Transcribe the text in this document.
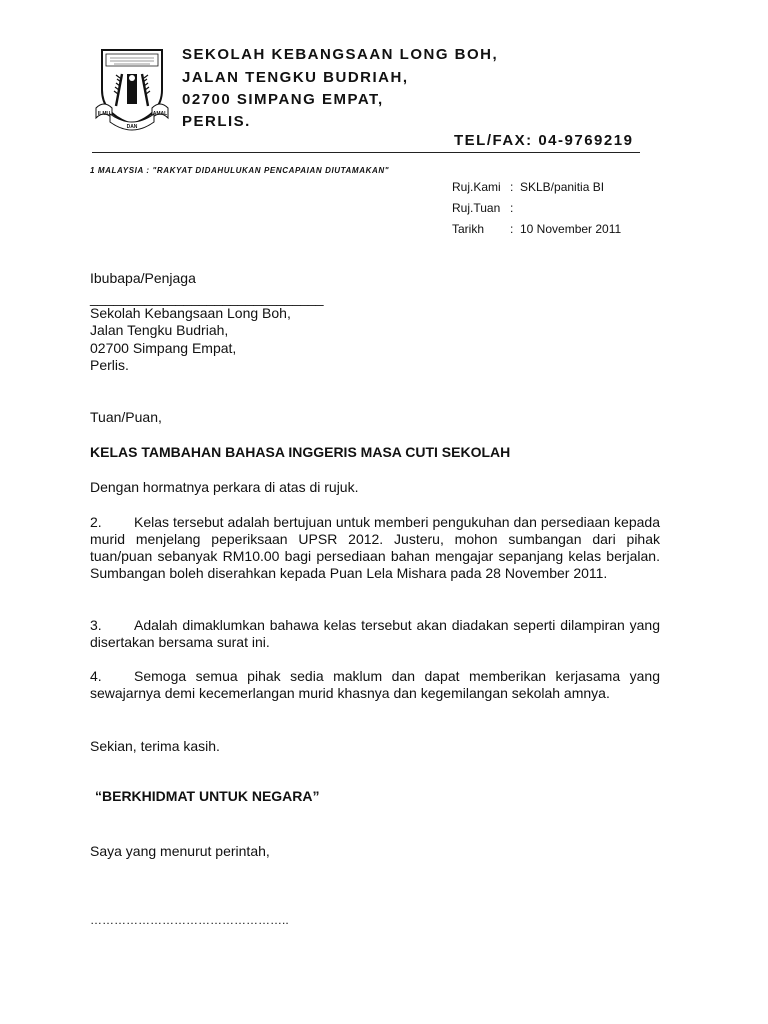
ILMU
DAN
AMAL
SEKOLAH KEBANGSAAN LONG BOH,
JALAN TENGKU BUDRIAH,
02700 SIMPANG EMPAT,
PERLIS.
TEL/FAX: 04-9769219
1 MALAYSIA : "RAKYAT DIDAHULUKAN PENCAPAIAN DIUTAMAKAN"
Ruj.Kami : SKLB/panitia BI
Ruj.Tuan :
Tarikh : 10 November 2011
Ibubapa/Penjaga
______________________________
Sekolah Kebangsaan Long Boh,
Jalan Tengku Budriah,
02700 Simpang Empat,
Perlis.
Tuan/Puan,
KELAS TAMBAHAN BAHASA INGGERIS MASA CUTI SEKOLAH
Dengan hormatnya perkara di atas di rujuk.
2. Kelas tersebut adalah bertujuan untuk memberi pengukuhan dan persediaan kepada murid menjelang peperiksaan UPSR 2012. Justeru, mohon sumbangan dari pihak tuan/puan sebanyak RM10.00 bagi persediaan bahan mengajar sepanjang kelas berjalan. Sumbangan boleh diserahkan kepada Puan Lela Mishara pada 28 November 2011.
3. Adalah dimaklumkan bahawa kelas tersebut akan diadakan seperti dilampiran yang disertakan bersama surat ini.
4. Semoga semua pihak sedia maklum dan dapat memberikan kerjasama yang sewajarnya demi kecemerlangan murid khasnya dan kegemilangan sekolah amnya.
Sekian, terima kasih.
“BERKHIDMAT UNTUK NEGARA”
Saya yang menurut perintah,
…………………………………………..
